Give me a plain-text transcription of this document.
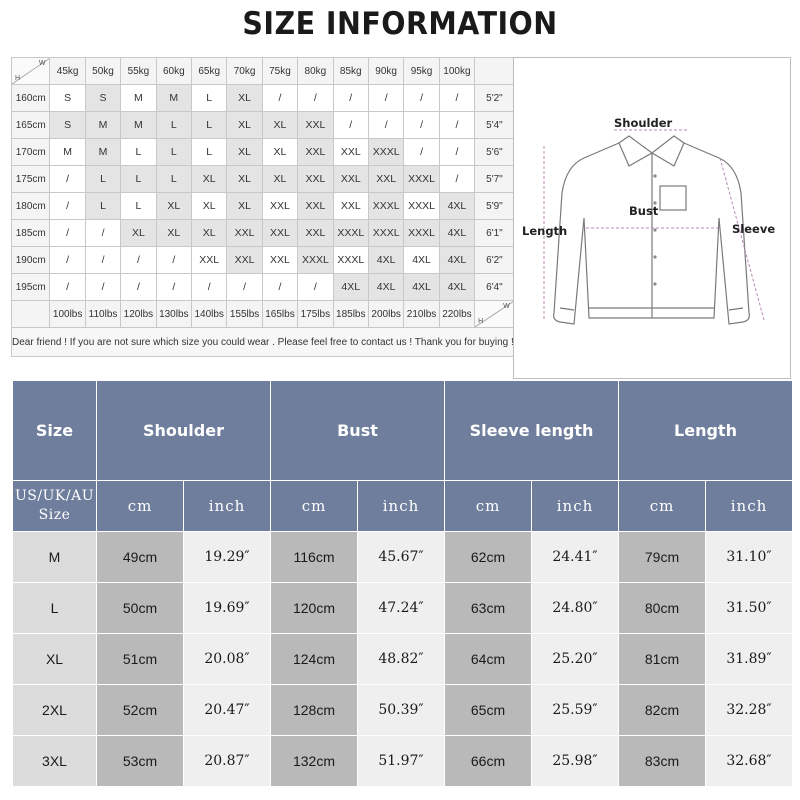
SIZE INFORMATION
W
H	45kg	50kg	55kg	60kg	65kg	70kg	75kg	80kg	85kg	90kg	95kg	100kg	
160cm	S	S	M	M	L	XL	/	/	/	/	/	/	5'2"
165cm	S	M	M	L	L	XL	XL	XXL	/	/	/	/	5'4"
170cm	M	M	L	L	L	XL	XL	XXL	XXL	XXXL	/	/	5'6"
175cm	/	L	L	L	XL	XL	XL	XXL	XXL	XXL	XXXL	/	5'7"
180cm	/	L	L	XL	XL	XL	XXL	XXL	XXL	XXXL	XXXL	4XL	5'9"
185cm	/	/	XL	XL	XL	XXL	XXL	XXL	XXXL	XXXL	XXXL	4XL	6'1"
190cm	/	/	/	/	XXL	XXL	XXL	XXXL	XXXL	4XL	4XL	4XL	6'2"
195cm	/	/	/	/	/	/	/	/	4XL	4XL	4XL	4XL	6'4"
	100lbs	110lbs	120lbs	130lbs	140lbs	155lbs	165lbs	175lbs	185lbs	200lbs	210lbs	220lbs	W
H

Dear friend ! If you are not sure which size you could wear . Please feel free to contact us ! Thank you for buying !													
Shoulder
Bust
Length	Sleeve
Size	Shoulder		Bust		Sleeve length		Length	

US/UK/AU
Size	cm	inch	cm	inch	cm	inch	cm	inch
M	49cm	19.29″	116cm	45.67″	62cm	24.41″	79cm	31.10″
L	50cm	19.69″	120cm	47.24″	63cm	24.80″	80cm	31.50″
XL	51cm	20.08″	124cm	48.82″	64cm	25.20″	81cm	31.89″
2XL	52cm	20.47″	128cm	50.39″	65cm	25.59″	82cm	32.28″
3XL	53cm	20.87″	132cm	51.97″	66cm	25.98″	83cm	32.68″
